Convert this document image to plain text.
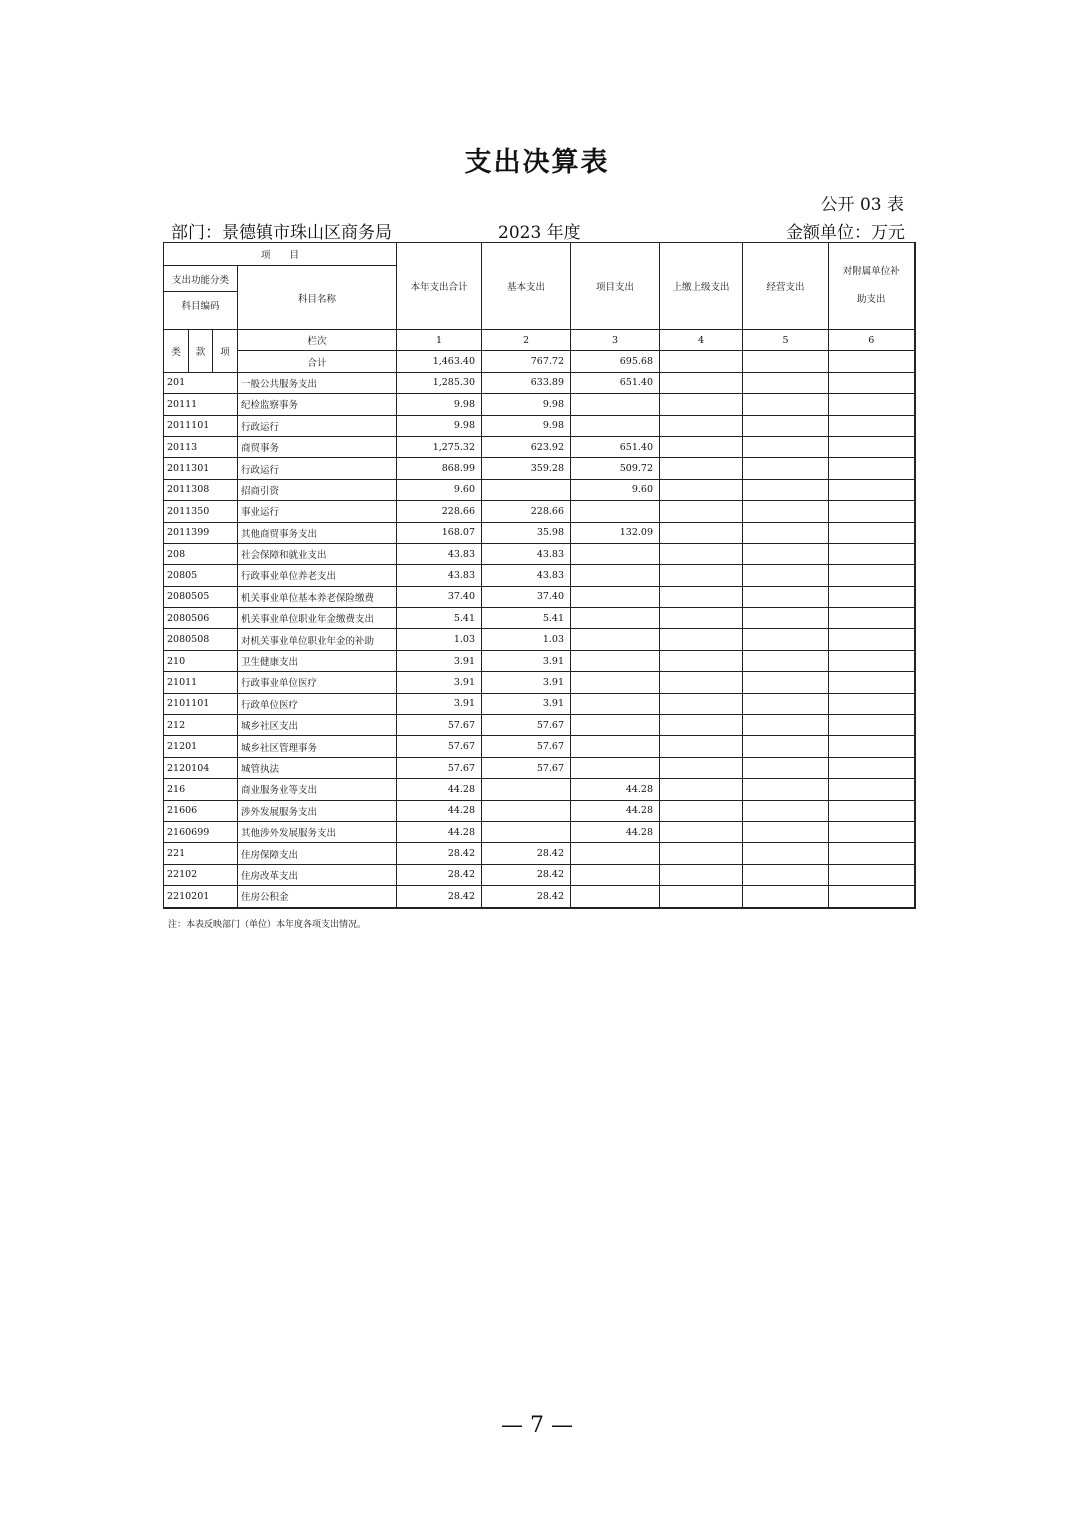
支出决算表
公开 03 表
部门：景德镇市珠山区商务局	2023 年度	金额单位：万元
项　　目				本年支出合计	基本支出	项目支出	上缴上级支出	经营支出	对附属单位补助支出
支出功能分类			科目名称						
科目编码									

类	款	项	栏次	1	2	3	4	5	6
			合计	1,463.40	767.72	695.68			
201			一般公共服务支出	1,285.30	633.89	651.40			
20111			纪检监察事务	9.98	9.98				
2011101			行政运行	9.98	9.98				
20113			商贸事务	1,275.32	623.92	651.40			
2011301			行政运行	868.99	359.28	509.72			
2011308			招商引资	9.60		9.60			
2011350			事业运行	228.66	228.66				
2011399			其他商贸事务支出	168.07	35.98	132.09			
208			社会保障和就业支出	43.83	43.83				
20805			行政事业单位养老支出	43.83	43.83				
2080505			机关事业单位基本养老保险缴费	37.40	37.40				
2080506			机关事业单位职业年金缴费支出	5.41	5.41				
2080508			对机关事业单位职业年金的补助	1.03	1.03				
210			卫生健康支出	3.91	3.91				
21011			行政事业单位医疗	3.91	3.91				
2101101			行政单位医疗	3.91	3.91				
212			城乡社区支出	57.67	57.67				
21201			城乡社区管理事务	57.67	57.67				
2120104			城管执法	57.67	57.67				
216			商业服务业等支出	44.28		44.28			
21606			涉外发展服务支出	44.28		44.28			
2160699			其他涉外发展服务支出	44.28		44.28			
221			住房保障支出	28.42	28.42				
22102			住房改革支出	28.42	28.42				
2210201			住房公积金	28.42	28.42				
注：本表反映部门（单位）本年度各项支出情况。
— 7 —
